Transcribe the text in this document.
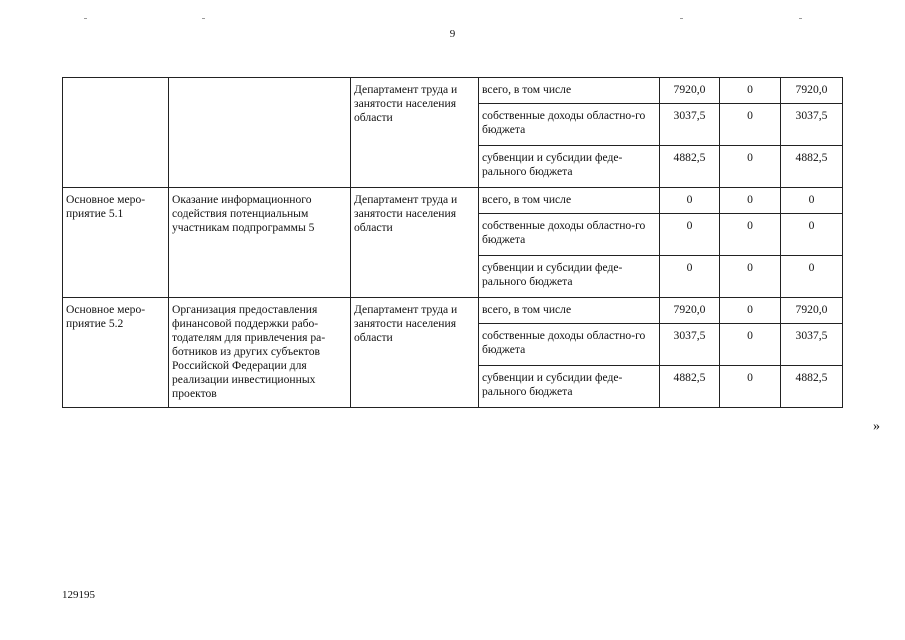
9
		Департамент труда и занятости населения области	всего, в том числе	7920,0	0	7920,0
			собственные доходы областно-го бюджета	3037,5	0	3037,5
			субвенции и субсидии феде-рального бюджета	4882,5	0	4882,5
Основное меро-приятие 5.1	Оказание информационного содействия потенциальным участникам подпрограммы 5	Департамент труда и занятости населения области	всего, в том числе	0	0	0
			собственные доходы областно-го бюджета	0	0	0
			субвенции и субсидии феде-рального бюджета	0	0	0
Основное меро-приятие 5.2	Организация предоставления финансовой поддержки рабо-тодателям для привлечения ра-ботников из других субъектов Российской Федерации для реализации инвестиционных проектов	Департамент труда и занятости населения области	всего, в том числе	7920,0	0	7920,0
			собственные доходы областно-го бюджета	3037,5	0	3037,5
			субвенции и субсидии феде-рального бюджета	4882,5	0	4882,5
»
129195
